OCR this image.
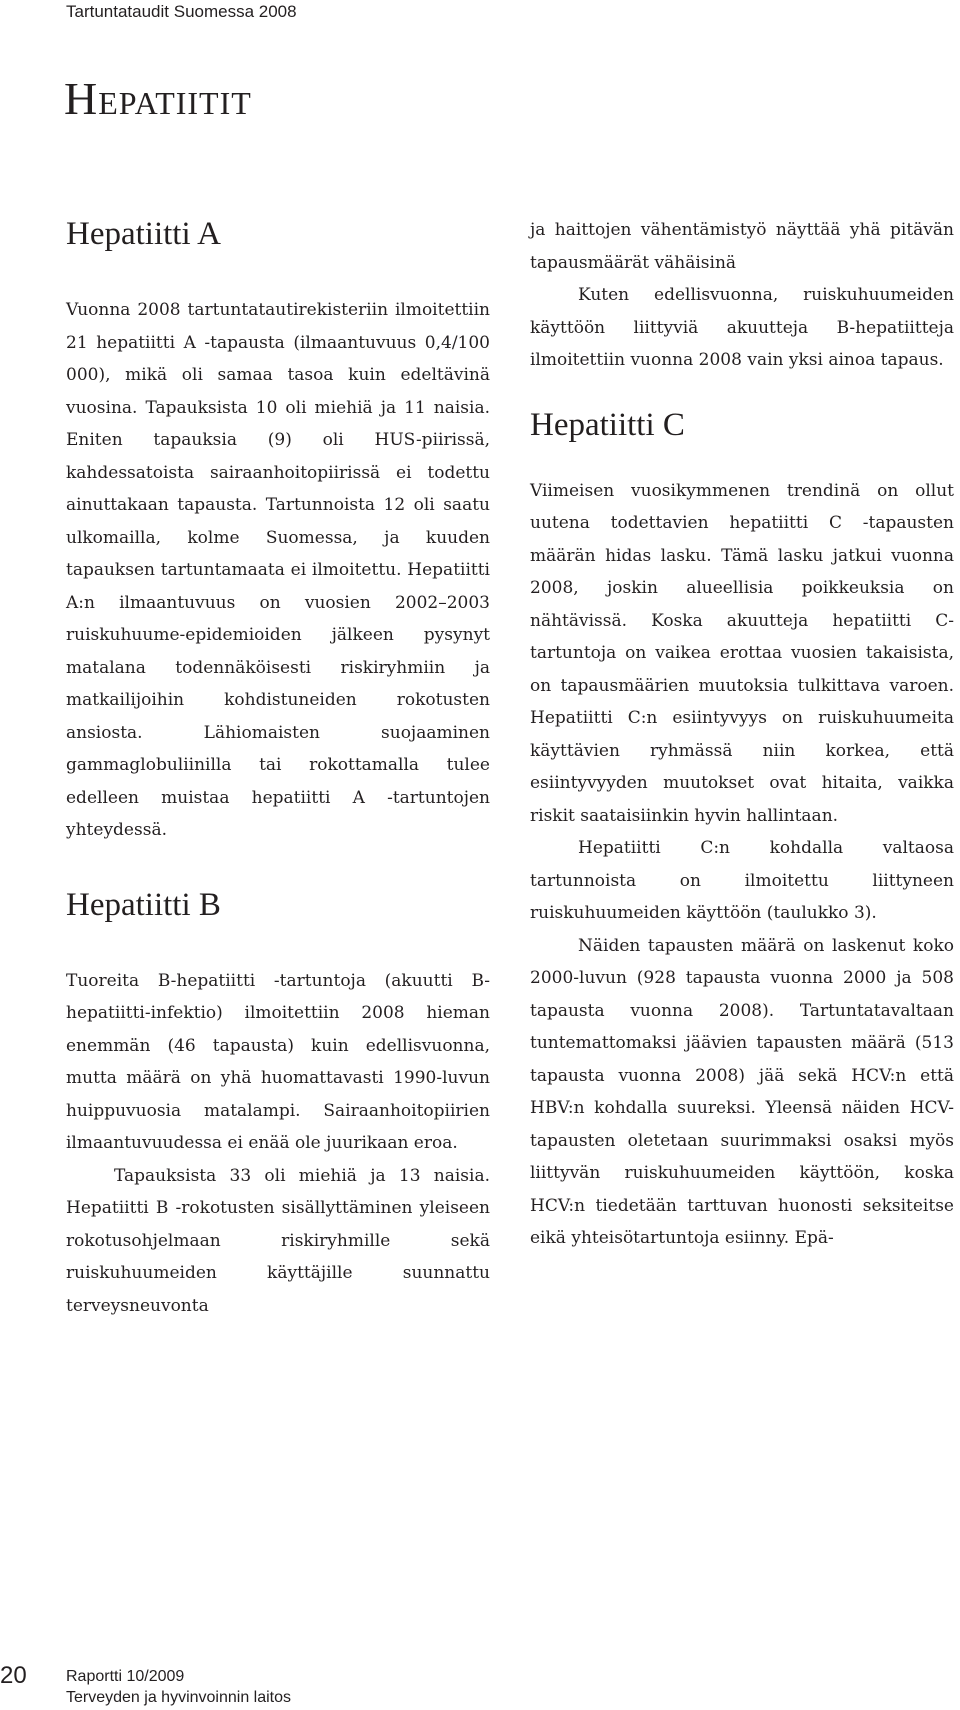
Tartuntataudit Suomessa 2008
Hepatiitit
Hepatiitti A

Vuonna 2008 tartuntatautirekisteriin ilmoitettiin 21 hepatiitti A -tapausta (ilmaantuvuus 0,4/100 000), mikä oli samaa tasoa kuin edeltävinä vuosina. Tapauksista 10 oli miehiä ja 11 naisia. Eniten tapauksia (9) oli HUS-piirissä, kahdessatoista sairaanhoitopiirissä ei todettu ainuttakaan tapausta. Tartunnoista 12 oli saatu ulkomailla, kolme Suomessa, ja kuuden tapauksen tartuntamaata ei ilmoitettu. Hepatiitti A:n ilmaantuvuus on vuosien 2002–2003 ruiskuhuume-epidemioiden jälkeen pysynyt matalana todennäköisesti riskiryhmiin ja matkailijoihin kohdistuneiden rokotusten ansiosta. Lähiomaisten suojaaminen gammaglobuliinilla tai rokottamalla tulee edelleen muistaa hepatiitti A -tartuntojen yhteydessä.

Hepatiitti B

Tuoreita B-hepatiitti -tartuntoja (akuutti B-hepatiitti-infektio) ilmoitettiin 2008 hieman enemmän (46 tapausta) kuin edellisvuonna, mutta määrä on yhä huomattavasti 1990-luvun huippuvuosia matalampi. Sairaanhoitopiirien ilmaantuvuudessa ei enää ole juurikaan eroa.

Tapauksista 33 oli miehiä ja 13 naisia. Hepatiitti B -rokotusten sisällyttäminen yleiseen rokotusohjelmaan riskiryhmille sekä ruiskuhuumeiden käyttäjille suunnattu terveysneuvonta

ja haittojen vähentämistyö näyttää yhä pitävän tapausmäärät vähäisinä

Kuten edellisvuonna, ruiskuhuumeiden käyttöön liittyviä akuutteja B-hepatiitteja ilmoitettiin vuonna 2008 vain yksi ainoa tapaus.

Hepatiitti C

Viimeisen vuosikymmenen trendinä on ollut uutena todettavien hepatiitti C -tapausten määrän hidas lasku. Tämä lasku jatkui vuonna 2008, joskin alueellisia poikkeuksia on nähtävissä. Koska akuutteja hepatiitti C-tartuntoja on vaikea erottaa vuosien takaisista, on tapausmäärien muutoksia tulkittava varoen. Hepatiitti C:n esiintyvyys on ruiskuhuumeita käyttävien ryhmässä niin korkea, että esiintyvyyden muutokset ovat hitaita, vaikka riskit saataisiinkin hyvin hallintaan.

Hepatiitti C:n kohdalla valtaosa tartunnoista on ilmoitettu liittyneen ruiskuhuumeiden käyttöön (taulukko 3).

Näiden tapausten määrä on laskenut koko 2000-luvun (928 tapausta vuonna 2000 ja 508 tapausta vuonna 2008). Tartuntatavaltaan tuntemattomaksi jäävien tapausten määrä (513 tapausta vuonna 2008) jää sekä HCV:n että HBV:n kohdalla suureksi. Yleensä näiden HCV-tapausten oletetaan suurimmaksi osaksi myös liittyvän ruiskuhuumeiden käyttöön, koska HCV:n tiedetään tarttuvan huonosti seksiteitse eikä yhteisötartuntoja esiinny. Epä-

20 Raportti 10/2009
Terveyden ja hyvinvoinnin laitos
